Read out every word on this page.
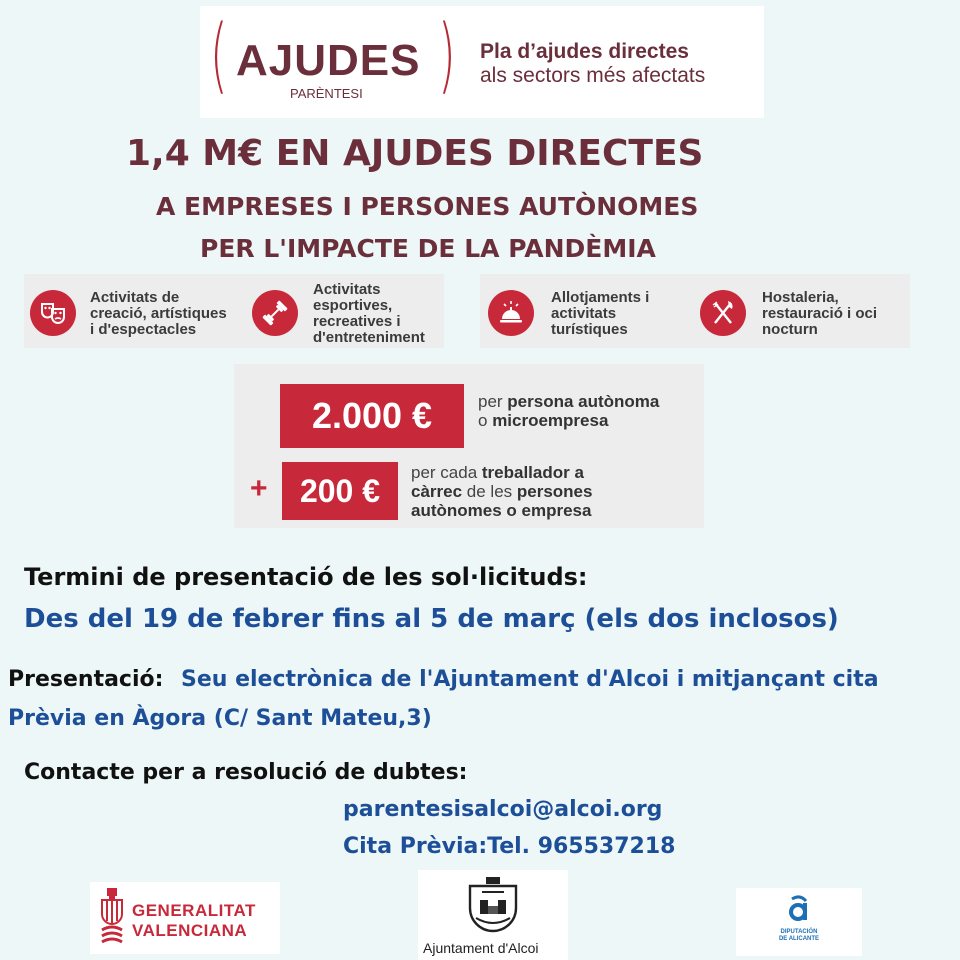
(	)
AJUDES
PARÈNTESI
Pla d’ajudes directes
als sectors més afectats
1,4 M€ EN AJUDES DIRECTES
A EMPRESES I PERSONES AUTÒNOMES
PER L'IMPACTE DE LA PANDÈMIA
Activitats de
creació, artístiques
i d'espectacles
Activitats
esportives,
recreatives i
d'entreteniment
Allotjaments i
activitats
turístiques
Hostaleria,
restauració i oci
nocturn
2.000 €	per persona autònoma
o microempresa
+	200 €	per cada treballador a
càrrec de les persones
autònomes o empresa
Termini de presentació de les sol·licituds:
Des del 19 de febrer fins al 5 de març (els dos inclosos)
Presentació: Seu electrònica de l'Ajuntament d'Alcoi i mitjançant cita
Prèvia en Àgora (C/ Sant Mateu,3)
Contacte per a resolució de dubtes:
parentesisalcoi@alcoi.org
Cita Prèvia:Tel. 965537218
GENERALITAT
VALENCIANA
Ajuntament d'Alcoi
DIPUTACIÓN
DE ALICANTE
